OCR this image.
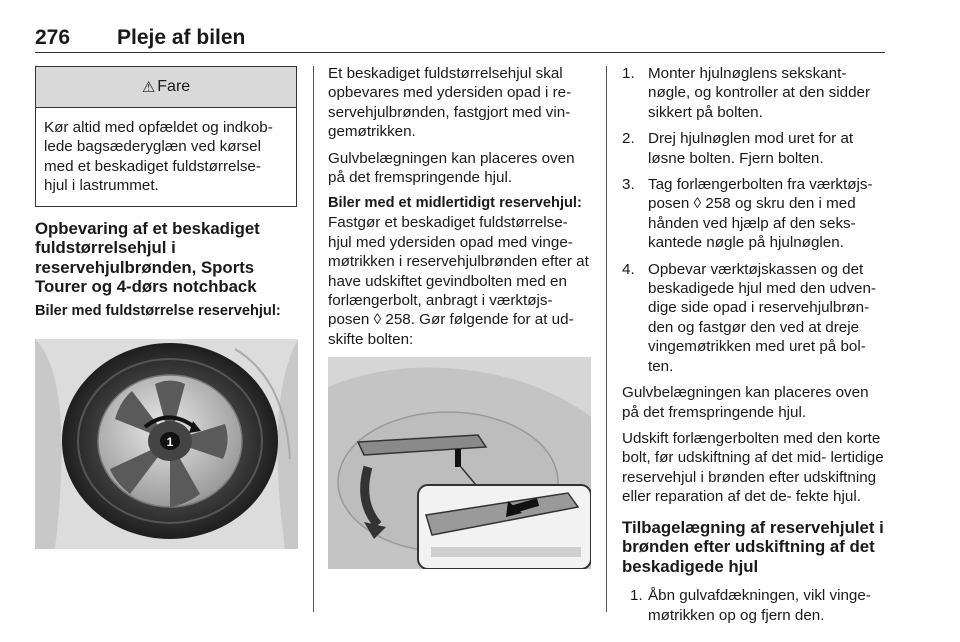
276 Pleje af bilen
⚠ Fare

Kør altid med opfældet og indkob- lede bagsæderyglæn ved kørsel med et beskadiget fuldstørrelse- hjul i lastrummet.

Opbevaring af et beskadiget fuldstørrelsehjul i reservehjulbrønden, Sports Tourer og 4-dørs notchback
Biler med fuldstørrelse reservehjul:
1

Et beskadiget fuldstørrelsehjul skal opbevares med ydersiden opad i re- servehjulbrønden, fastgjort med vin- gemøtrikken.

Gulvbelægningen kan placeres oven på det fremspringende hjul.

Biler med et midlertidigt reservehjul:

Fastgør et beskadiget fuldstørrelse- hjul med ydersiden opad med vinge- møtrikken i reservehjulbrønden efter at have udskiftet gevindbolten med en forlængerbolt, anbragt i værktøjs- posen ◊ 258. Gør følgende for at ud- skifte bolten:

1. Monter hjulnøglens sekskant- nøgle, og kontroller at den sidder sikkert på bolten.
2. Drej hjulnøglen mod uret for at løsne bolten. Fjern bolten.
3. Tag forlængerbolten fra værktøjs- posen ◊ 258 og skru den i med hånden ved hjælp af den seks- kantede nøgle på hjulnøglen.
4. Opbevar værktøjskassen og det beskadigede hjul med den udven- dige side opad i reservehjulbrøn- den og fastgør den ved at dreje vingemøtrikken med uret på bol- ten.

Gulvbelægningen kan placeres oven på det fremspringende hjul.

Udskift forlængerbolten med den korte bolt, før udskiftning af det mid- lertidige reservehjul i brønden efter udskiftning eller reparation af det de- fekte hjul.

Tilbagelægning af reservehjulet i brønden efter udskiftning af det beskadigede hjul
1. Åbn gulvafdækningen, vikl vinge- møtrikken op og fjern den.
